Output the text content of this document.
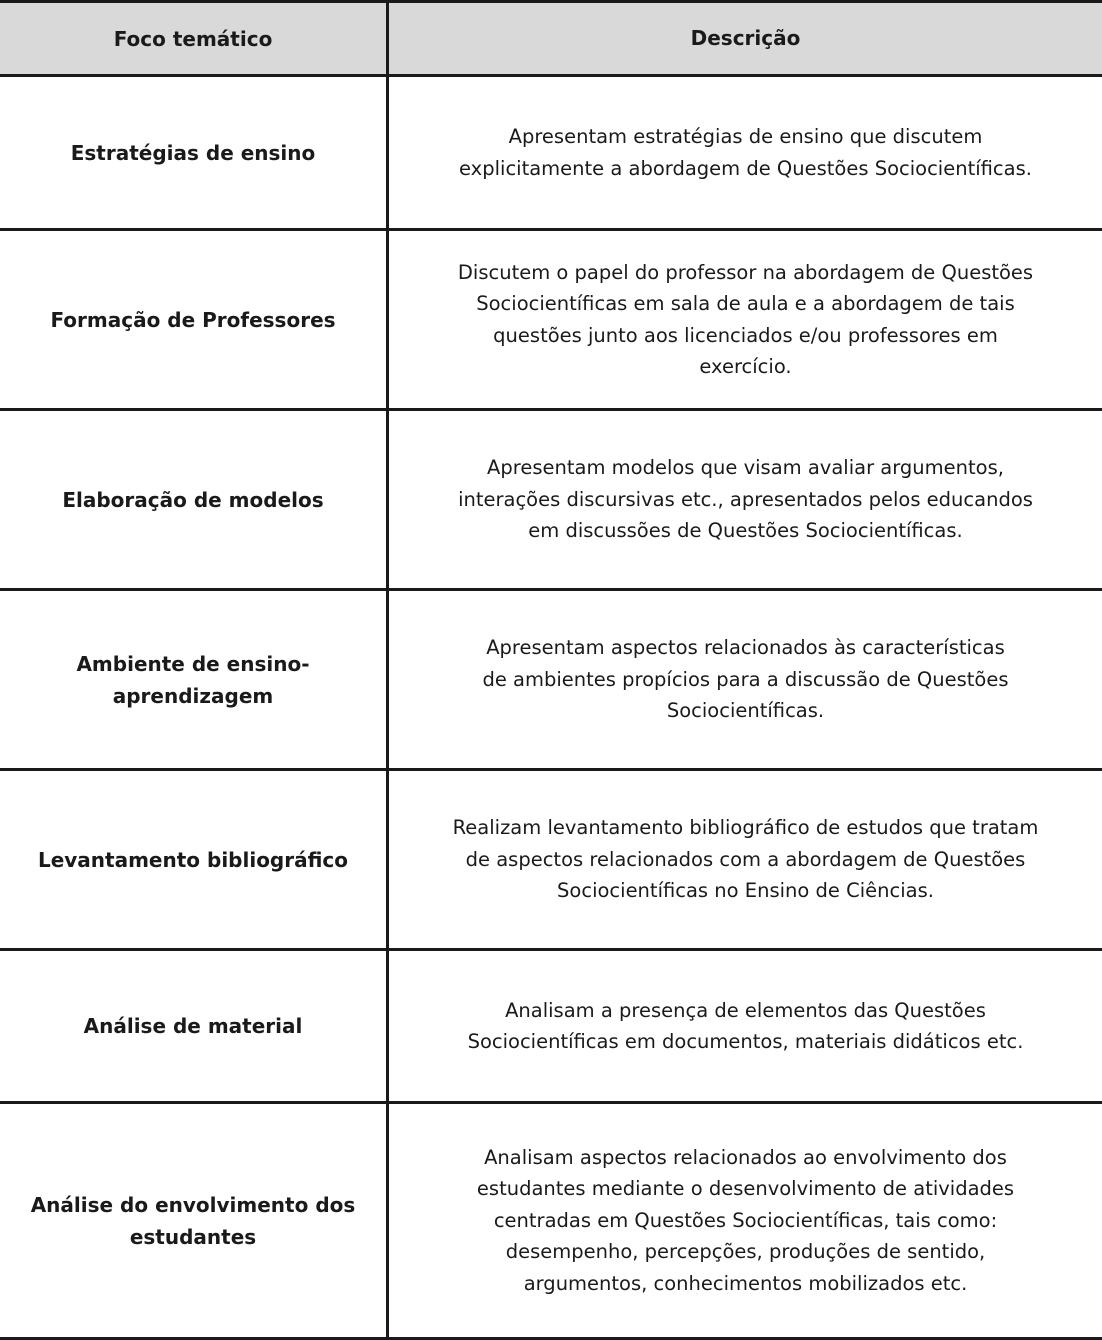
Foco temático	Descrição
Estratégias de ensino
Apresentam estratégias de ensino que discutem
explicitamente a abordagem de Questões Sociocientíficas.
Formação de Professores
Discutem o papel do professor na abordagem de Questões
Sociocientíficas em sala de aula e a abordagem de tais
questões junto aos licenciados e/ou professores em
exercício.
Elaboração de modelos
Apresentam modelos que visam avaliar argumentos,
interações discursivas etc., apresentados pelos educandos
em discussões de Questões Sociocientíficas.
Ambiente de ensino-
aprendizagem
Apresentam aspectos relacionados às características
de ambientes propícios para a discussão de Questões
Sociocientíficas.
Levantamento bibliográfico
Realizam levantamento bibliográfico de estudos que tratam
de aspectos relacionados com a abordagem de Questões
Sociocientíficas no Ensino de Ciências.
Análise de material
Analisam a presença de elementos das Questões
Sociocientíficas em documentos, materiais didáticos etc.
Análise do envolvimento dos
estudantes
Analisam aspectos relacionados ao envolvimento dos
estudantes mediante o desenvolvimento de atividades
centradas em Questões Sociocientíficas, tais como:
desempenho, percepções, produções de sentido,
argumentos, conhecimentos mobilizados etc.
